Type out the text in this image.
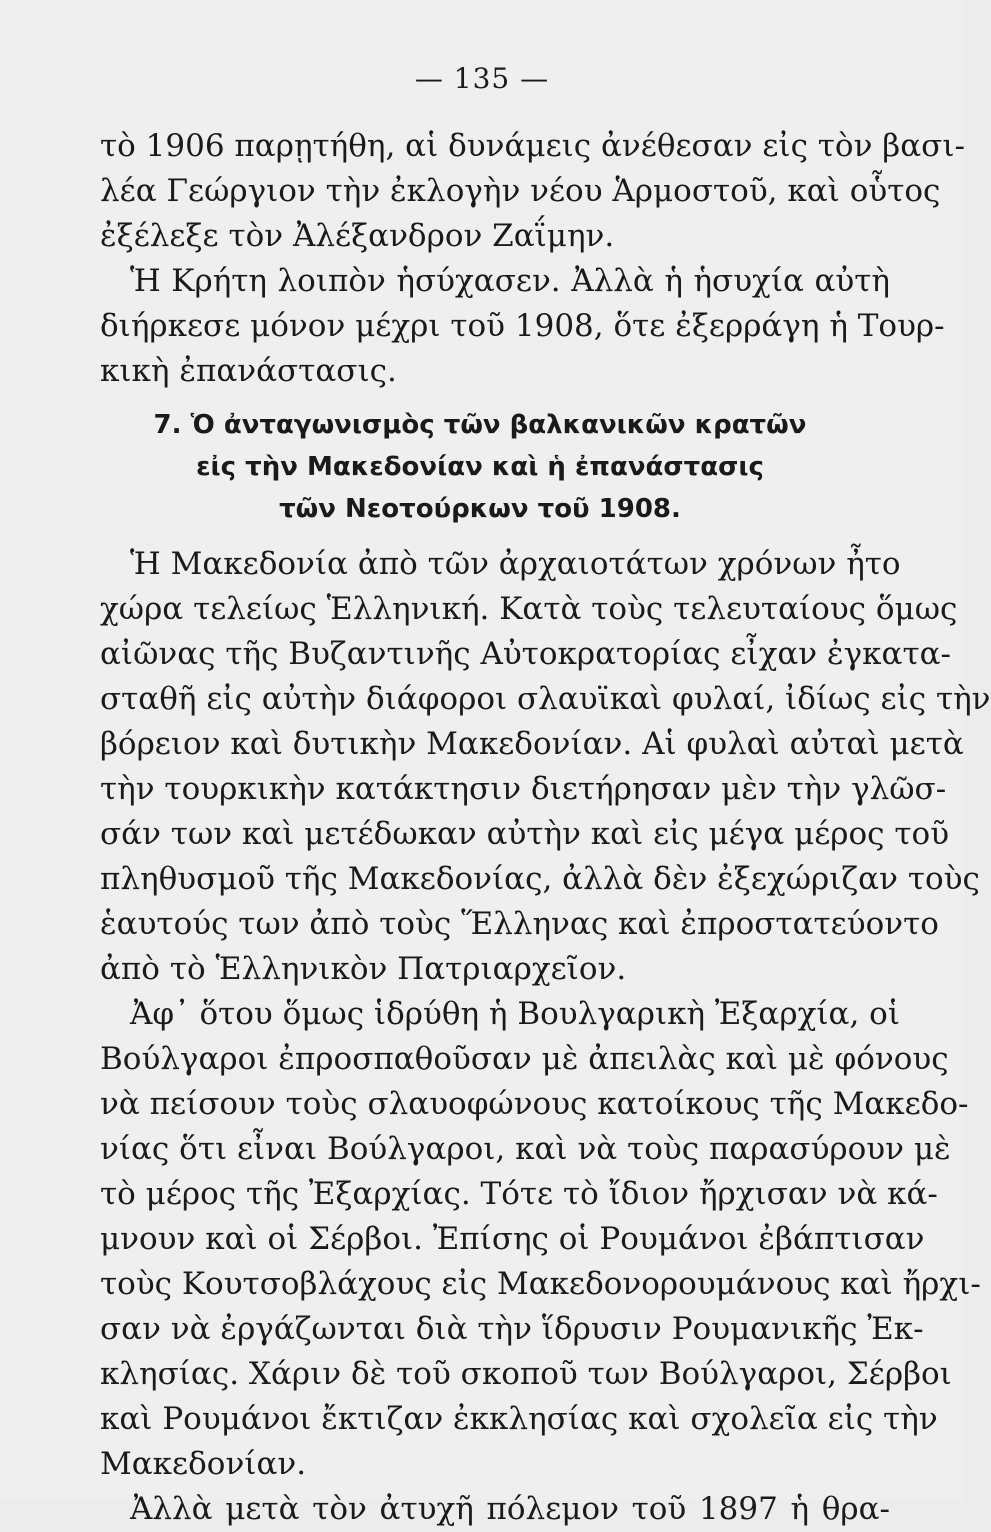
— 135 —
τὸ 1906 παρῃτήθη, αἱ δυνάμεις ἀνέθεσαν εἰς τὸν βασι-
λέα Γεώργιον τὴν ἐκλογὴν νέου Ἁρμοστοῦ, καὶ οὗτος
ἐξέλεξε τὸν Ἀλέξανδρον Ζαΐμην.
Ἡ Κρήτη λοιπὸν ἡσύχασεν. Ἀλλὰ ἡ ἡσυχία αὐτὴ
διήρκεσε μόνον μέχρι τοῦ 1908, ὅτε ἐξερράγη ἡ Τουρ-
κικὴ ἐπανάστασις.
7. Ὁ ἀνταγωνισμὸς τῶν βαλκανικῶν κρατῶν
εἰς τὴν Μακεδονίαν καὶ ἡ ἐπανάστασις
τῶν Νεοτούρκων τοῦ 1908.
Ἡ Μακεδονία ἀπὸ τῶν ἀρχαιοτάτων χρόνων ἦτο
χώρα τελείως Ἑλληνική. Κατὰ τοὺς τελευταίους ὅμως
αἰῶνας τῆς Βυζαντινῆς Αὐτοκρατορίας εἶχαν ἐγκατα-
σταθῆ εἰς αὐτὴν διάφοροι σλαυϊκαὶ φυλαί, ἰδίως εἰς τὴν
βόρειον καὶ δυτικὴν Μακεδονίαν. Αἱ φυλαὶ αὐταὶ μετὰ
τὴν τουρκικὴν κατάκτησιν διετήρησαν μὲν τὴν γλῶσ-
σάν των καὶ μετέδωκαν αὐτὴν καὶ εἰς μέγα μέρος τοῦ
πληθυσμοῦ τῆς Μακεδονίας, ἀλλὰ δὲν ἐξεχώριζαν τοὺς
ἑαυτούς των ἀπὸ τοὺς Ἕλληνας καὶ ἐπροστατεύοντο
ἀπὸ τὸ Ἑλληνικὸν Πατριαρχεῖον.
Ἀφ᾽ ὅτου ὅμως ἱδρύθη ἡ Βουλγαρικὴ Ἐξαρχία, οἱ
Βούλγαροι ἐπροσπαθοῦσαν μὲ ἀπειλὰς καὶ μὲ φόνους
νὰ πείσουν τοὺς σλαυοφώνους κατοίκους τῆς Μακεδο-
νίας ὅτι εἶναι Βούλγαροι, καὶ νὰ τοὺς παρασύρουν μὲ
τὸ μέρος τῆς Ἐξαρχίας. Τότε τὸ ἴδιον ἤρχισαν νὰ κά-
μνουν καὶ οἱ Σέρβοι. Ἐπίσης οἱ Ρουμάνοι ἐβάπτισαν
τοὺς Κουτσοβλάχους εἰς Μακεδονορουμάνους καὶ ἤρχι-
σαν νὰ ἐργάζωνται διὰ τὴν ἵδρυσιν Ρουμανικῆς Ἐκ-
κλησίας. Χάριν δὲ τοῦ σκοποῦ των Βούλγαροι, Σέρβοι
καὶ Ρουμάνοι ἔκτιζαν ἐκκλησίας καὶ σχολεῖα εἰς τὴν
Μακεδονίαν.
Ἀλλὰ μετὰ τὸν ἀτυχῆ πόλεμον τοῦ 1897 ἡ θρα-
